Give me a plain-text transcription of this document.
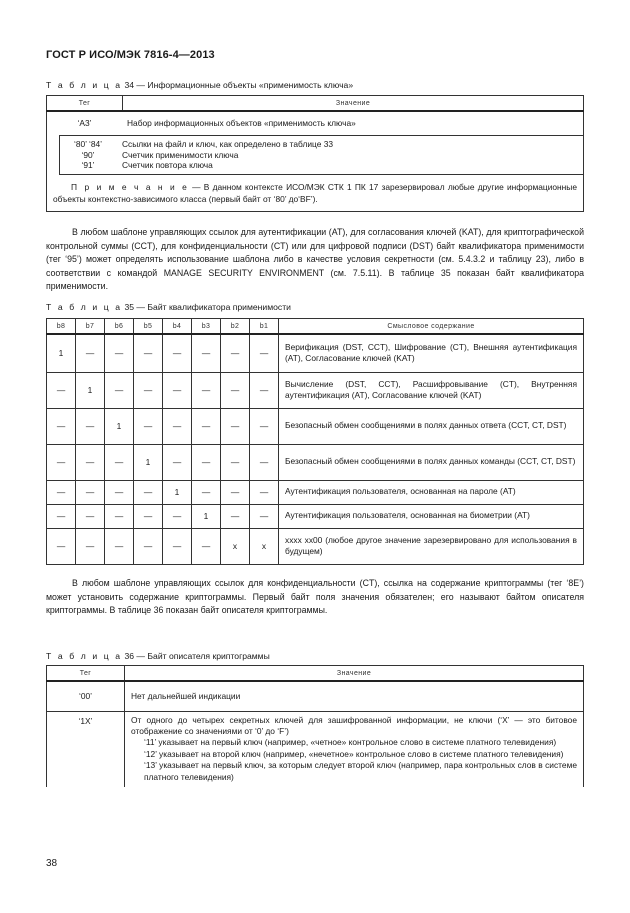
ГОСТ Р ИСО/МЭК 7816-4—2013
Т а б л и ц а 34 — Информационные объекты «применимость ключа»
Тег	Значение

‘A3’	Набор информационных объектов «применимость ключа»
‘80’ ‘84’	Ссылки на файл и ключ, как определено в таблице 33
‘90’	Счетчик применимости ключа
‘91’	Счетчик повтора ключа
П р и м е ч а н и е — В данном контексте ИСО/МЭК СТК 1 ПК 17 зарезервировал любые другие информационные объекты контекстно-зависимого класса (первый байт от ‘80’ до‘BF’).

В любом шаблоне управляющих ссылок для аутентификации (AT), для согласования ключей (KAT), для криптографической контрольной суммы (CCT), для конфиденциальности (CT) или для цифровой подписи (DST) байт квалификатора применимости (тег ‘95’) может определять использование шаблона либо в качестве условия секретности (см. 5.4.3.2 и таблицу 23), либо в соответствии с командой MANAGE SECURITY ENVIRONMENT (см. 7.5.11). В таблице 35 показан байт квалификатора применимости.

Т а б л и ц а 35 — Байт квалификатора применимости
b8	b7	b6	b5	b4	b3	b2	b1	Смысловое содержание
1	—	—	—	—	—	—	—	Верификация (DST, CCT), Шифрование (CT), Внешняя аутентификация (AT), Согласование ключей (KAT)
—	1	—	—	—	—	—	—	Вычисление (DST, CCT), Расшифровывание (CT), Внутренняя аутентификация (AT), Согласование ключей (KAT)
—	—	1	—	—	—	—	—	Безопасный обмен сообщениями в полях данных ответа (CCT, CT, DST)
—	—	—	1	—	—	—	—	Безопасный обмен сообщениями в полях данных команды (CCT, CT, DST)
—	—	—	—	1	—	—	—	Аутентификация пользователя, основанная на пароле (AT)
—	—	—	—	—	1	—	—	Аутентификация пользователя, основанная на биометрии (AT)
—	—	—	—	—	—	x	x	xxxx xx00 (любое другое значение зарезервировано для использования в будущем)

В любом шаблоне управляющих ссылок для конфиденциальности (CT), ссылка на содержание криптограммы (тег ‘8E’) может установить содержание криптограммы. Первый байт поля значения обязателен; его называют байтом описателя криптограммы. В таблице 36 показан байт описателя криптограммы.

Т а б л и ц а 36 — Байт описателя криптограммы
Тег	Значение
‘00’	Нет дальнейшей индикации
‘1X’	От одного до четырех секретных ключей для зашифрованной информации, не ключи (‘X’ — это битовое отображение со значениями от ‘0’ до ‘F’)
‘11’ указывает на первый ключ (например, «четное» контрольное слово в системе платного телевидения)
‘12’ указывает на второй ключ (например, «нечетное» контрольное слово в системе платного телевидения)
‘13’ указывает на первый ключ, за которым следует второй ключ (например, пара контрольных слов в системе платного телевидения)
38
